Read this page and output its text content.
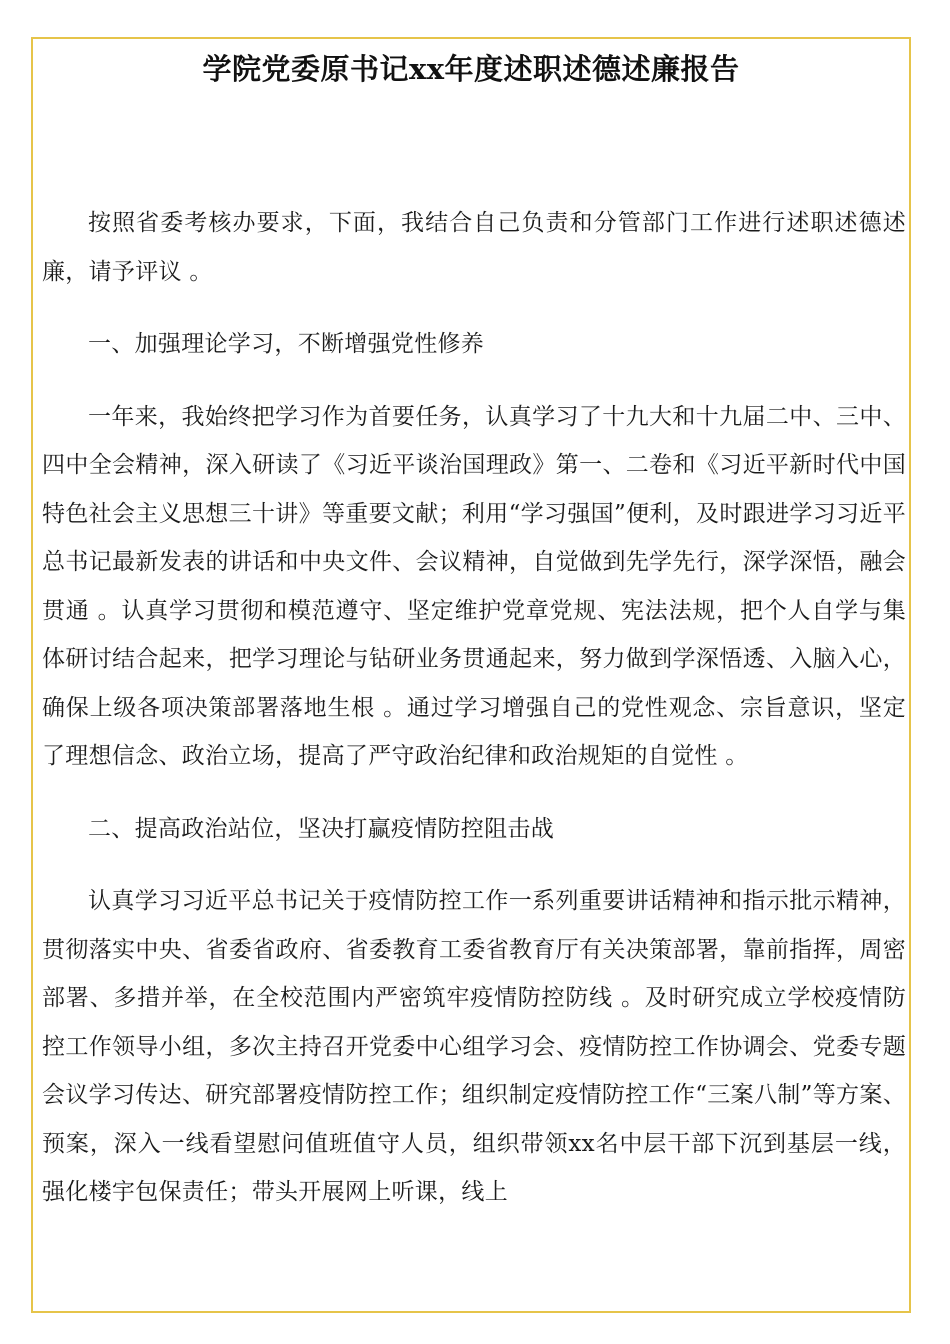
学院党委原书记xx年度述职述德述廉报告

按照省委考核办要求，下面，我结合自己负责和分管部门工作进行述职述德述廉，请予评议 。

一、加强理论学习，不断增强党性修养

一年来，我始终把学习作为首要任务，认真学习了十九大和十九届二中、三中、四中全会精神，深入研读了《习近平谈治国理政》第一、二卷和《习近平新时代中国特色社会主义思想三十讲》等重要文献；利用“学习强国”便利，及时跟进学习习近平总书记最新发表的讲话和中央文件、会议精神，自觉做到先学先行，深学深悟，融会贯通 。认真学习贯彻和模范遵守、坚定维护党章党规、宪法法规，把个人自学与集体研讨结合起来，把学习理论与钻研业务贯通起来，努力做到学深悟透、入脑入心，确保上级各项决策部署落地生根 。通过学习增强自己的党性观念、宗旨意识，坚定了理想信念、政治立场，提高了严守政治纪律和政治规矩的自觉性 。

二、提高政治站位，坚决打赢疫情防控阻击战

认真学习习近平总书记关于疫情防控工作一系列重要讲话精神和指示批示精神，贯彻落实中央、省委省政府、省委教育工委省教育厅有关决策部署，靠前指挥，周密部署、多措并举，在全校范围内严密筑牢疫情防控防线 。及时研究成立学校疫情防控工作领导小组，多次主持召开党委中心组学习会、疫情防控工作协调会、党委专题会议学习传达、研究部署疫情防控工作；组织制定疫情防控工作“三案八制”等方案、预案，深入一线看望慰问值班值守人员，组织带领xx名中层干部下沉到基层一线，强化楼宇包保责任；带头开展网上听课，线上
